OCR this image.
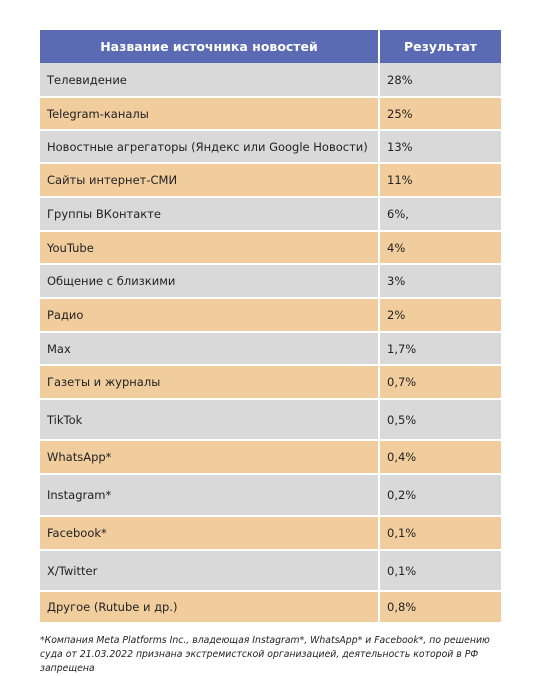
Название источника новостей	Результат
Телевидение	28%
Telegram-каналы	25%
Новостные агрегаторы (Яндекс или Google Новости)	13%
Сайты интернет-СМИ	11%
Группы ВКонтакте	6%,
YouTube	4%
Общение с близкими	3%
Радио	2%
Max	1,7%
Газеты и журналы	0,7%
TikTok	0,5%
WhatsApp*	0,4%
Instagram*	0,2%
Facebook*	0,1%
X/Twitter	0,1%
Другое (Rutube и др.)	0,8%
*Компания Meta Platforms Inc., владеющая Instagram*, WhatsApp* и Facebook*, по решению суда от 21.03.2022 признана экстремистской организацией, деятельность которой в РФ запрещена
